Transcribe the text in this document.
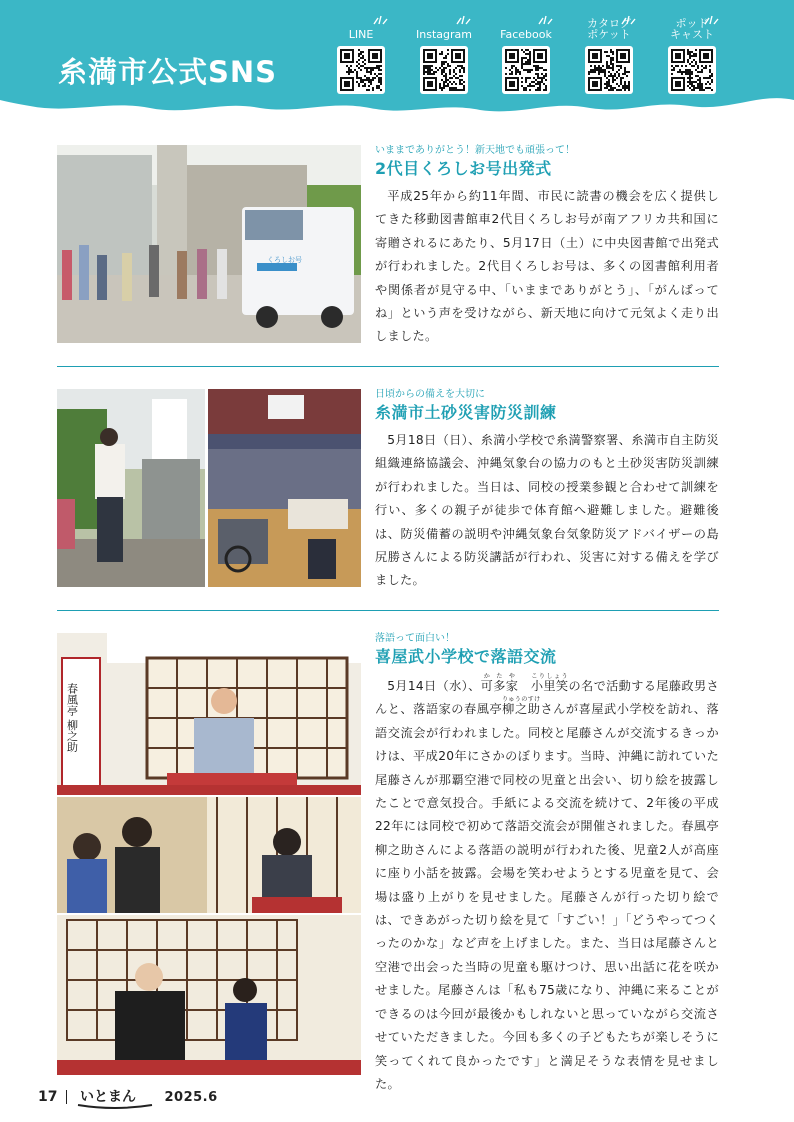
糸満市公式SNS
LINE	Instagram	Facebook
カタログ
ポケット
ポッド
キャスト
くろしお号
いままでありがとう！新天地でも頑張って！
2代目くろしお号出発式
平成25年から約11年間、市民に読書の機会を広く提供してきた移動図書館車2代目くろしお号が南アフリカ共和国に寄贈されるにあたり、5月17日（土）に中央図書館で出発式が行われました。2代目くろしお号は、多くの図書館利用者や関係者が見守る中、「いままでありがとう」、「がんばってね」という声を受けながら、新天地に向けて元気よく走り出しました。
日頃からの備えを大切に
糸満市土砂災害防災訓練
5月18日（日）、糸満小学校で糸満警察署、糸満市自主防災組織連絡協議会、沖縄気象台の協力のもと土砂災害防災訓練が行われました。当日は、同校の授業参観と合わせて訓練を行い、多くの親子が徒歩で体育館へ避難しました。避難後は、防災備蓄の説明や沖縄気象台気象防災アドバイザーの島尻勝さんによる防災講話が行われ、災害に対する備えを学びました。
春風亭 柳之助
落語って面白い！
喜屋武小学校で落語交流
5月14日（水）、可多家かたや　小里笑こりしょうの名で活動する尾藤政男さんと、落語家の春風亭柳之助りゅうのすけさんが喜屋武小学校を訪れ、落語交流会が行われました。同校と尾藤さんが交流するきっかけは、平成20年にさかのぼります。当時、沖縄に訪れていた尾藤さんが那覇空港で同校の児童と出会い、切り絵を披露したことで意気投合。手紙による交流を続けて、2年後の平成22年には同校で初めて落語交流会が開催されました。春風亭柳之助さんによる落語の説明が行われた後、児童2人が高座に座り小話を披露。会場を笑わせようとする児童を見て、会場は盛り上がりを見せました。尾藤さんが行った切り絵では、できあがった切り絵を見て「すごい！」「どうやってつくったのかな」など声を上げました。また、当日は尾藤さんと空港で出会った当時の児童も駆けつけ、思い出話に花を咲かせました。尾藤さんは「私も75歳になり、沖縄に来ることができるのは今回が最後かもしれないと思っていながら交流させていただきました。今回も多くの子どもたちが楽しそうに笑ってくれて良かったです」と満足そうな表情を見せました。
17 いとまん 2025.6
